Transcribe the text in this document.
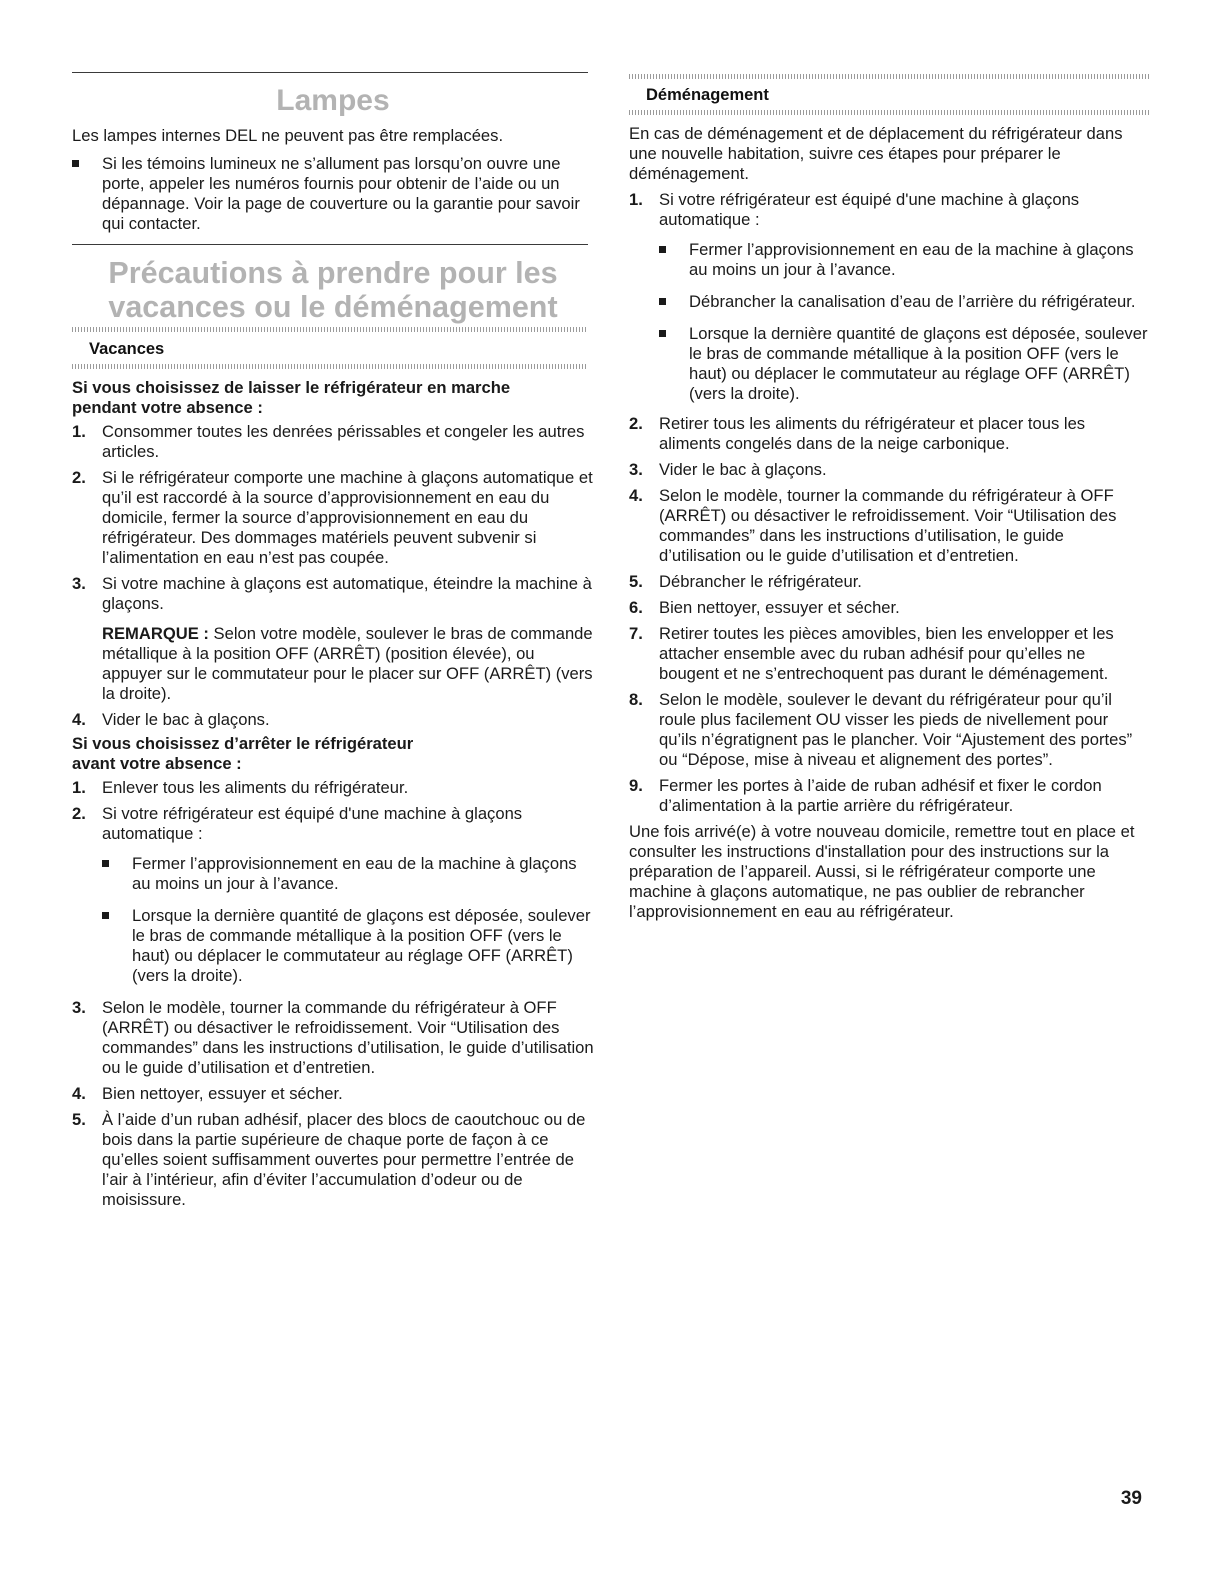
Lampes

Les lampes internes DEL ne peuvent pas être remplacées.

Si les témoins lumineux ne s’allument pas lorsqu’on ouvre une porte, appeler les numéros fournis pour obtenir de l’aide ou un dépannage. Voir la page de couverture ou la garantie pour savoir qui contacter.
Précautions à prendre pour les
vacances ou le déménagement
Vacances

Si vous choisissez de laisser le réfrigérateur en marche
pendant votre absence :

1. Consommer toutes les denrées périssables et congeler les autres articles.
2. Si le réfrigérateur comporte une machine à glaçons automatique et qu’il est raccordé à la source d’approvisionnement en eau du domicile, fermer la source d’approvisionnement en eau du réfrigérateur. Des dommages matériels peuvent subvenir si l’alimentation en eau n’est pas coupée.
3. Si votre machine à glaçons est automatique, éteindre la machine à glaçons.
REMARQUE : Selon votre modèle, soulever le bras de commande métallique à la position OFF (ARRÊT) (position élevée), ou appuyer sur le commutateur pour le placer sur OFF (ARRÊT) (vers la droite).
4. Vider le bac à glaçons.

Si vous choisissez d’arrêter le réfrigérateur
avant votre absence :

1. Enlever tous les aliments du réfrigérateur.
2. Si votre réfrigérateur est équipé d'une machine à glaçons automatique :
Fermer l’approvisionnement en eau de la machine à glaçons au moins un jour à l’avance.
Lorsque la dernière quantité de glaçons est déposée, soulever le bras de commande métallique à la position OFF (vers le haut) ou déplacer le commutateur au réglage OFF (ARRÊT) (vers la droite).
3. Selon le modèle, tourner la commande du réfrigérateur à OFF (ARRÊT) ou désactiver le refroidissement. Voir “Utilisation des commandes” dans les instructions d’utilisation, le guide d’utilisation ou le guide d’utilisation et d’entretien.
4. Bien nettoyer, essuyer et sécher.
5. À l’aide d’un ruban adhésif, placer des blocs de caoutchouc ou de bois dans la partie supérieure de chaque porte de façon à ce qu’elles soient suffisamment ouvertes pour permettre l’entrée de l’air à l’intérieur, afin d’éviter l’accumulation d’odeur ou de moisissure.
Déménagement

En cas de déménagement et de déplacement du réfrigérateur dans une nouvelle habitation, suivre ces étapes pour préparer le déménagement.

1. Si votre réfrigérateur est équipé d'une machine à glaçons automatique :
Fermer l’approvisionnement en eau de la machine à glaçons au moins un jour à l’avance.
Débrancher la canalisation d’eau de l’arrière du réfrigérateur.
Lorsque la dernière quantité de glaçons est déposée, soulever le bras de commande métallique à la position OFF (vers le haut) ou déplacer le commutateur au réglage OFF (ARRÊT) (vers la droite).
2. Retirer tous les aliments du réfrigérateur et placer tous les aliments congelés dans de la neige carbonique.
3. Vider le bac à glaçons.
4. Selon le modèle, tourner la commande du réfrigérateur à OFF (ARRÊT) ou désactiver le refroidissement. Voir “Utilisation des commandes” dans les instructions d’utilisation, le guide d’utilisation ou le guide d’utilisation et d’entretien.
5. Débrancher le réfrigérateur.
6. Bien nettoyer, essuyer et sécher.
7. Retirer toutes les pièces amovibles, bien les envelopper et les attacher ensemble avec du ruban adhésif pour qu’elles ne bougent et ne s’entrechoquent pas durant le déménagement.
8. Selon le modèle, soulever le devant du réfrigérateur pour qu’il roule plus facilement OU visser les pieds de nivellement pour qu’ils n’égratignent pas le plancher. Voir “Ajustement des portes” ou “Dépose, mise à niveau et alignement des portes”.
9. Fermer les portes à l’aide de ruban adhésif et fixer le cordon d’alimentation à la partie arrière du réfrigérateur.

Une fois arrivé(e) à votre nouveau domicile, remettre tout en place et consulter les instructions d'installation pour des instructions sur la préparation de l’appareil. Aussi, si le réfrigérateur comporte une machine à glaçons automatique, ne pas oublier de rebrancher l’approvisionnement en eau au réfrigérateur.

39
